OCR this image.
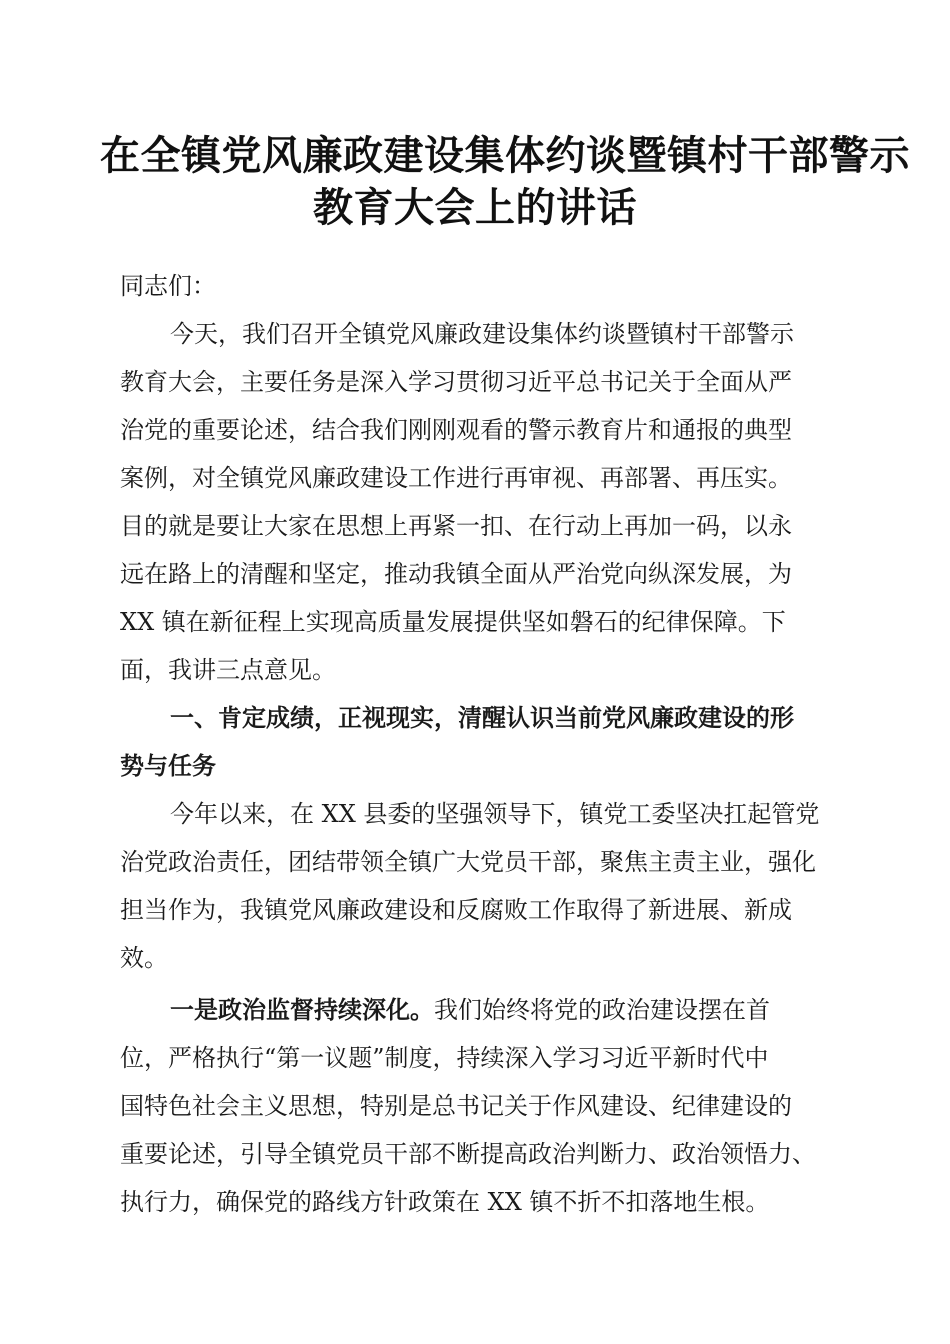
在全镇党风廉政建设集体约谈暨镇村干部警示
教育大会上的讲话
同志们：
今天，我们召开全镇党风廉政建设集体约谈暨镇村干部警示
教育大会，主要任务是深入学习贯彻习近平总书记关于全面从严
治党的重要论述，结合我们刚刚观看的警示教育片和通报的典型
案例，对全镇党风廉政建设工作进行再审视、再部署、再压实。
目的就是要让大家在思想上再紧一扣、在行动上再加一码，以永
远在路上的清醒和坚定，推动我镇全面从严治党向纵深发展，为
XX 镇在新征程上实现高质量发展提供坚如磐石的纪律保障。下
面，我讲三点意见。
一、肯定成绩，正视现实，清醒认识当前党风廉政建设的形
势与任务
今年以来，在 XX 县委的坚强领导下，镇党工委坚决扛起管党
治党政治责任，团结带领全镇广大党员干部，聚焦主责主业，强化
担当作为，我镇党风廉政建设和反腐败工作取得了新进展、新成
效。
一是政治监督持续深化。我们始终将党的政治建设摆在首
位，严格执行“第一议题”制度，持续深入学习习近平新时代中
国特色社会主义思想，特别是总书记关于作风建设、纪律建设的
重要论述，引导全镇党员干部不断提高政治判断力、政治领悟力、
执行力，确保党的路线方针政策在 XX 镇不折不扣落地生根。
